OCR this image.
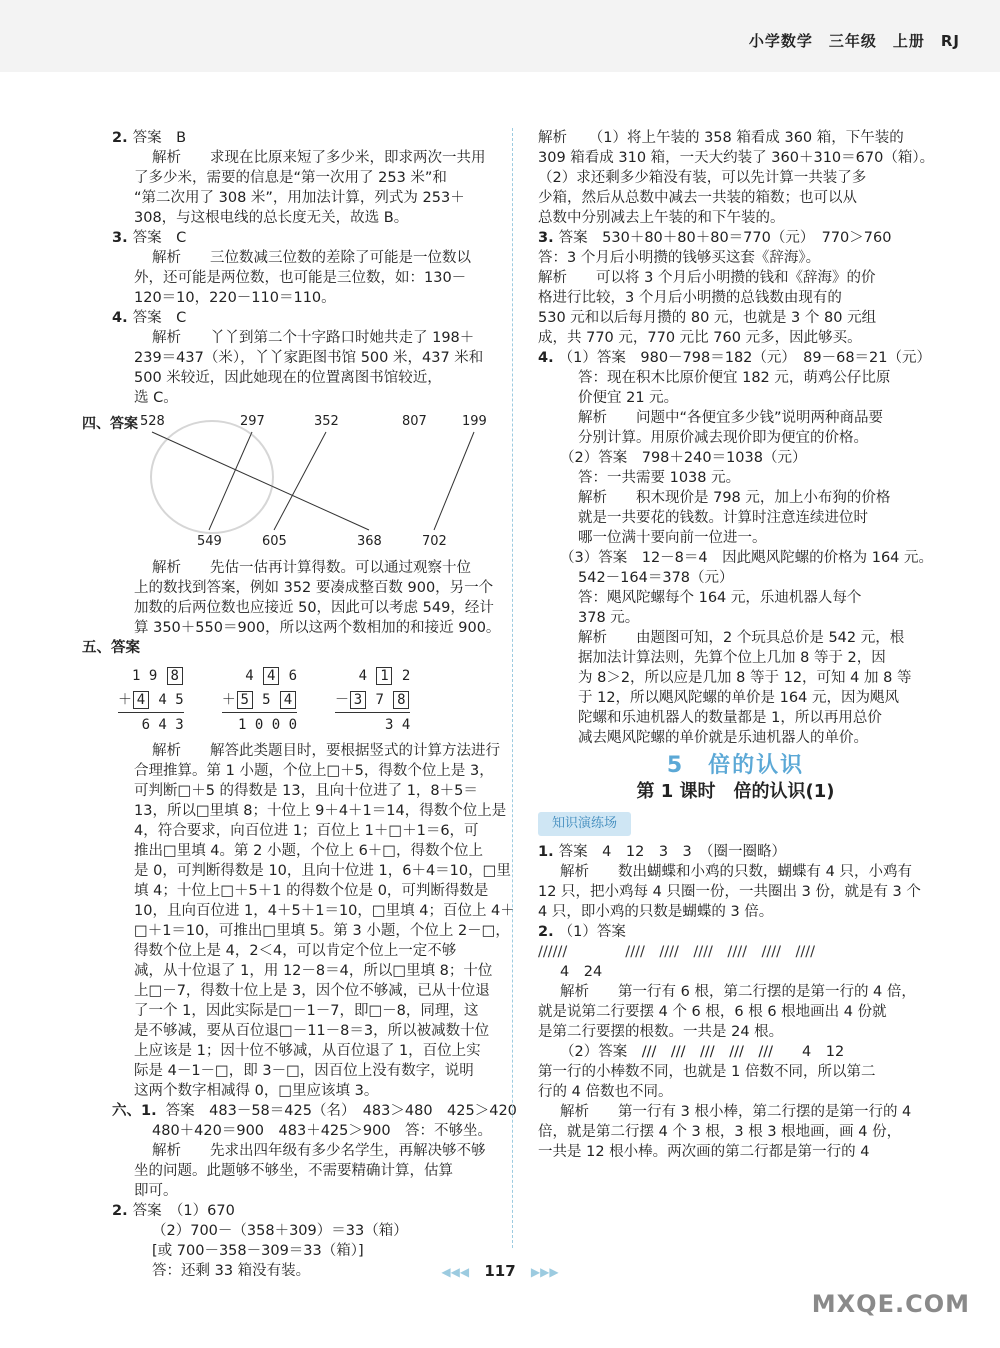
小学数学　三年级　上册　RJ
2. 答案　B
解析　　求现在比原来短了多少米，即求两次一共用
了多少米，需要的信息是“第一次用了 253 米”和
“第二次用了 308 米”，用加法计算，列式为 253＋
308，与这根电线的总长度无关，故选 B。
3. 答案　C
解析　　三位数减三位数的差除了可能是一位数以
外，还可能是两位数，也可能是三位数，如：130－
120＝10，220－110＝110。
4. 答案　C
解析　　丫丫到第二个十字路口时她共走了 198＋
239＝437（米），丫丫家距图书馆 500 米，437 米和
500 米较近，因此她现在的位置离图书馆较近，
选 C。
四、答案 528	297	352	807	199
549	605	368	702
解析　　先估一估再计算得数。可以通过观察十位
上的数找到答案，例如 352 要凑成整百数 900，另一个
加数的后两位数也应接近 50，因此可以考虑 549，经计
算 350＋550＝900，所以这两个数相加的和接近 900。
五、答案
1 9 8
＋ 4 4 5
6 4 3
4 4 6
＋ 5 5 4
1 0 0 0
4 1 2
－ 3 7 8
3 4
解析　　解答此类题目时，要根据竖式的计算方法进行
合理推算。第 1 小题，个位上□＋5，得数个位上是 3，
可判断□＋5 的得数是 13，且向十位进了 1，8＋5＝
13，所以□里填 8；十位上 9＋4＋1＝14，得数个位上是
4，符合要求，向百位进 1；百位上 1＋□＋1＝6，可
推出□里填 4。第 2 小题，个位上 6＋□，得数个位上
是 0，可判断得数是 10，且向十位进 1，6＋4＝10，□里
填 4；十位上□＋5＋1 的得数个位是 0，可判断得数是
10，且向百位进 1，4＋5＋1＝10，□里填 4；百位上 4＋
□＋1＝10，可推出□里填 5。第 3 小题，个位上 2－□，
得数个位上是 4，2＜4，可以肯定个位上一定不够
减，从十位退了 1，用 12－8＝4，所以□里填 8；十位
上□－7，得数十位上是 3，因个位不够减，已从十位退
了一个 1，因此实际是□－1－7，即□－8，同理，这
是不够减，要从百位退□－11－8＝3，所以被减数十位
上应该是 1；因十位不够减，从百位退了 1，百位上实
际是 4－1－□，即 3－□，因百位上没有数字，说明
这两个数字相减得 0，□里应该填 3。
六、1. 答案　483－58＝425（名）　483＞480　425＞420
480＋420＝900　483＋425＞900　答：不够坐。
解析　　先求出四年级有多少名学生，再解决够不够
坐的问题。此题够不够坐，不需要精确计算，估算
即可。
2. 答案　（1）670
（2）700－（358＋309）＝33（箱）
[或 700－358－309＝33（箱）]
答：还剩 33 箱没有装。
解析　　（1）将上午装的 358 箱看成 360 箱，下午装的
309 箱看成 310 箱，一天大约装了 360＋310＝670（箱）。
（2）求还剩多少箱没有装，可以先计算一共装了多
少箱，然后从总数中减去一共装的箱数；也可以从
总数中分别减去上午装的和下午装的。
3. 答案　530＋80＋80＋80＝770（元）　770＞760
答：3 个月后小明攒的钱够买这套《辞海》。
解析　　可以将 3 个月后小明攒的钱和《辞海》的价
格进行比较，3 个月后小明攒的总钱数由现有的
530 元和以后每月攒的 80 元，也就是 3 个 80 元组
成，共 770 元，770 元比 760 元多，因此够买。
4. （1）答案　980－798＝182（元）　89－68＝21（元）
答：现在积木比原价便宜 182 元，萌鸡公仔比原
价便宜 21 元。
解析　　问题中“各便宜多少钱”说明两种商品要
分别计算。用原价减去现价即为便宜的价格。
（2）答案　798＋240＝1038（元）
答：一共需要 1038 元。
解析　　积木现价是 798 元，加上小布狗的价格
就是一共要花的钱数。计算时注意连续进位时
哪一位满十要向前一位进一。
（3）答案　12－8＝4　因此飓风陀螺的价格为 164 元。
542－164＝378（元）
答：飓风陀螺每个 164 元，乐迪机器人每个
378 元。
解析　　由题图可知，2 个玩具总价是 542 元，根
据加法计算法则，先算个位上几加 8 等于 2，因
为 8＞2，所以应是几加 8 等于 12，可知 4 加 8 等
于 12，所以飓风陀螺的单价是 164 元，因为飓风
陀螺和乐迪机器人的数量都是 1，所以再用总价
减去飓风陀螺的单价就是乐迪机器人的单价。
5　倍的认识
第 1 课时　倍的认识(1)
知识演练场
1. 答案　4　12　3　3　（圈一圈略）
解析　　数出蝴蝶和小鸡的只数，蝴蝶有 4 只，小鸡有
12 只，把小鸡每 4 只圈一份，一共圈出 3 份，就是有 3 个
4 只，即小鸡的只数是蝴蝶的 3 倍。
2. （1）答案
//////　　　　////　////　////　////　////　////
4　24
解析　　第一行有 6 根，第二行摆的是第一行的 4 倍，
就是说第二行要摆 4 个 6 根，6 根 6 根地画出 4 份就
是第二行要摆的根数。一共是 24 根。
（2）答案　///　///　///　///　///　　4　12
第一行的小棒数不同，也就是 1 倍数不同，所以第二
行的 4 倍数也不同。
解析　　第一行有 3 根小棒，第二行摆的是第一行的 4
倍，就是第二行摆 4 个 3 根，3 根 3 根地画，画 4 份，
一共是 12 根小棒。两次画的第二行都是第一行的 4
◀◀◀ 117 ▶▶▶
MXQE.COM
